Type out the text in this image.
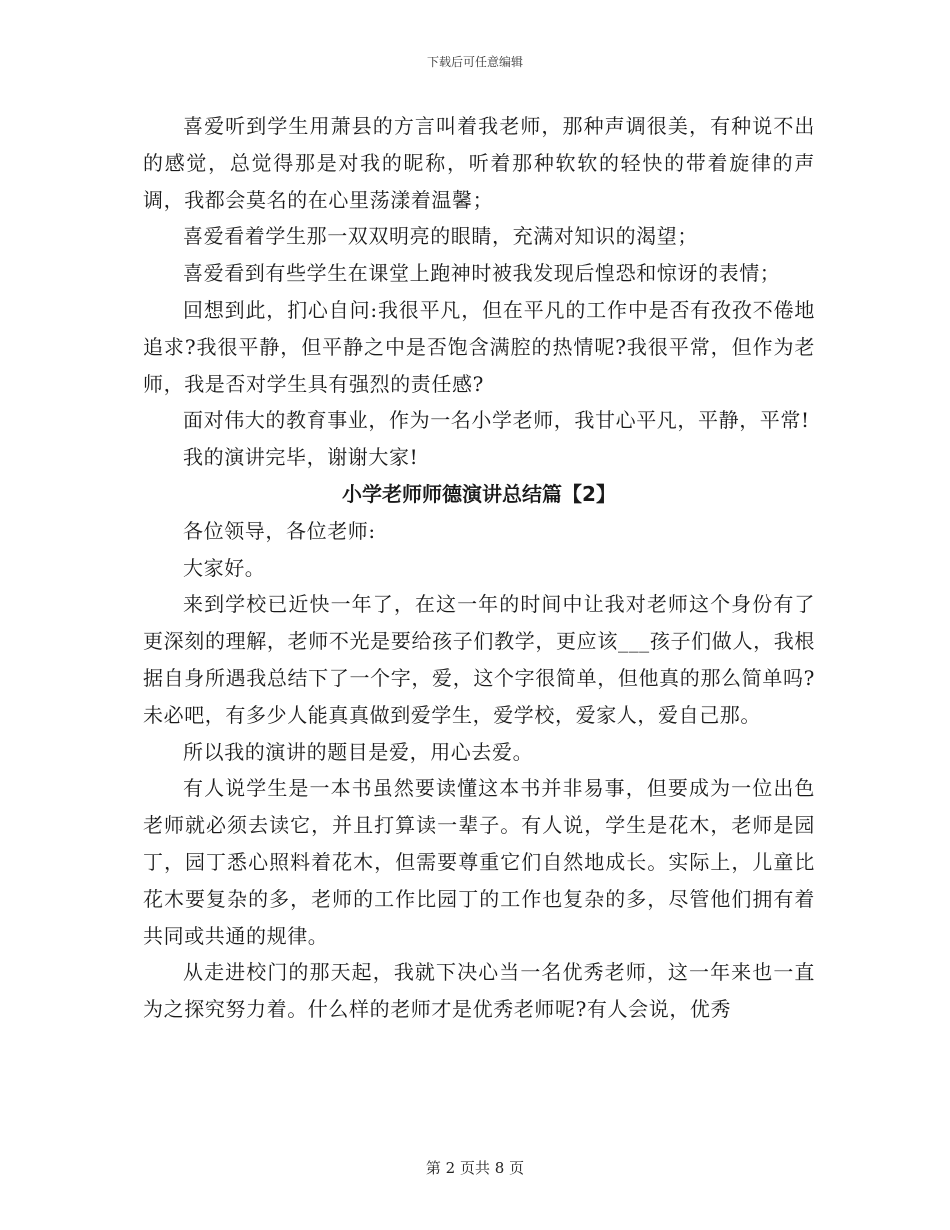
下载后可任意编辑

喜爱听到学生用萧县的方言叫着我老师，那种声调很美，有种说不出的感觉，总觉得那是对我的昵称，听着那种软软的轻快的带着旋律的声调，我都会莫名的在心里荡漾着温馨；

喜爱看着学生那一双双明亮的眼睛，充满对知识的渴望；

喜爱看到有些学生在课堂上跑神时被我发现后惶恐和惊讶的表情；

回想到此，扪心自问:我很平凡，但在平凡的工作中是否有孜孜不倦地追求?我很平静，但平静之中是否饱含满腔的热情呢?我很平常，但作为老师，我是否对学生具有强烈的责任感?

面对伟大的教育事业，作为一名小学老师，我甘心平凡，平静，平常!

我的演讲完毕，谢谢大家!

小学老师师德演讲总结篇【2】

各位领导，各位老师:

大家好。

来到学校已近快一年了，在这一年的时间中让我对老师这个身份有了更深刻的理解，老师不光是要给孩子们教学，更应该___孩子们做人，我根据自身所遇我总结下了一个字，爱，这个字很简单，但他真的那么简单吗?未必吧，有多少人能真真做到爱学生，爱学校，爱家人，爱自己那。

所以我的演讲的题目是爱，用心去爱。

有人说学生是一本书虽然要读懂这本书并非易事，但要成为一位出色老师就必须去读它，并且打算读一辈子。有人说，学生是花木，老师是园丁，园丁悉心照料着花木，但需要尊重它们自然地成长。实际上，儿童比花木要复杂的多，老师的工作比园丁的工作也复杂的多，尽管他们拥有着共同或共通的规律。

从走进校门的那天起，我就下决心当一名优秀老师，这一年来也一直为之探究努力着。什么样的老师才是优秀老师呢?有人会说，优秀

第 2 页共 8 页
